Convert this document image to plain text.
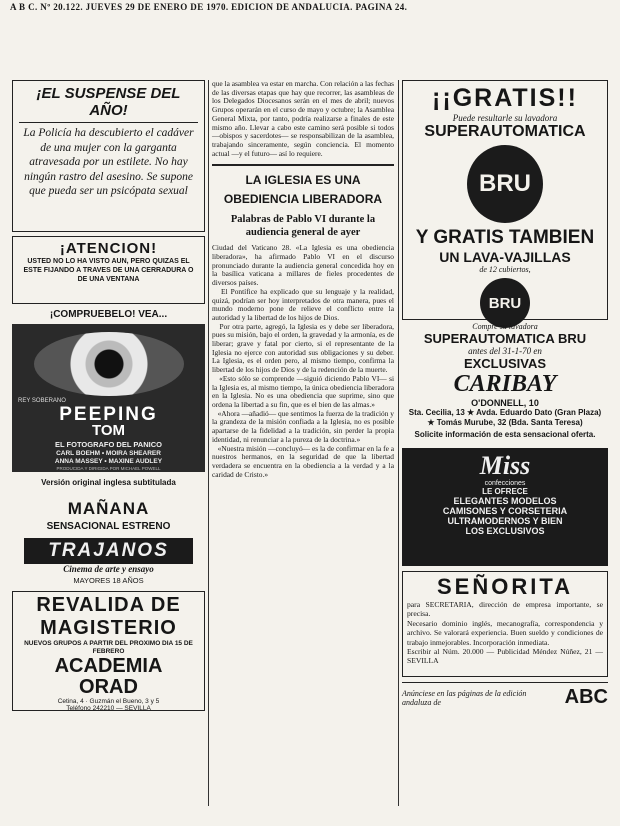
A B C. Nº 20.122. JUEVES 29 DE ENERO DE 1970. EDICION DE ANDALUCIA. PAGINA 24.
¡EL SUSPENSE DEL AÑO!
La Policía ha descubierto el cadáver de una mujer con la garganta atravesada por un estilete. No hay ningún rastro del asesino. Se supone que pueda ser un psicópata sexual
¡ATENCION!
USTED NO LO HA VISTO AUN, PERO QUIZAS EL ESTE FIJANDO A TRAVES DE UNA CERRADURA O DE UNA VENTANA
¡COMPRUEBELO! VEA...
REY SOBERANO
PEEPING
TOM
EL FOTOGRAFO DEL PANICO
CARL BOEHM • MOIRA SHEARER
ANNA MASSEY • MAXINE AUDLEY
PRODUCIDA Y DIRIGIDA POR MICHAEL POWELL
Versión original inglesa subtitulada
MAÑANA
SENSACIONAL ESTRENO
TRAJANOS
Cinema de arte y ensayo
MAYORES 18 AÑOS
REVALIDA DE
MAGISTERIO
NUEVOS GRUPOS A PARTIR DEL PROXIMO DIA 15 DE FEBRERO
ACADEMIA
ORAD
Cetina, 4 · Guzmán el Bueno, 3 y 5
Teléfono 242210 — SEVILLA
que la asamblea va estar en marcha. Con relación a las fechas de las diversas etapas que hay que recorrer, las asambleas de los Delegados Diocesanos serán en el mes de abril; nuevos Grupos operarán en el curso de mayo y octubre; la Asamblea General Mixta, por tanto, podría realizarse a finales de este mismo año. Llevar a cabo este camino será posible si todos —obispos y sacerdotes— se responsabilizan de la asamblea, trabajando sinceramente, según conciencia. El momento actual —y el futuro— así lo requiere.
LA IGLESIA ES UNA OBEDIENCIA LIBERADORA
Palabras de Pablo VI durante la audiencia general de ayer
Ciudad del Vaticano 28. «La Iglesia es una obediencia liberadora», ha afirmado Pablo VI en el discurso pronunciado durante la audiencia general concedida hoy en la basílica vaticana a millares de fieles procedentes de diversos países.
El Pontífice ha explicado que su lenguaje y la realidad, quizá, podrían ser hoy interpretados de otra manera, pues el mundo moderno pone de relieve el conflicto entre la autoridad y la libertad de los hijos de Dios.
Por otra parte, agregó, la Iglesia es y debe ser liberadora, pues su misión, bajo el orden, la gravedad y la armonía, es de liberar; grave y fatal por cierto, si el representante de la Iglesia no ejerce con autoridad sus obligaciones y su deber. La Iglesia, es el orden pero, al mismo tiempo, confirma la libertad de los hijos de Dios y de la redención de la muerte.
«Esto sólo se comprende —siguió diciendo Pablo VI— si la Iglesia es, al mismo tiempo, la única obediencia liberadora en la Iglesia. No es una obediencia que suprime, sino que ordena la libertad a su fin, que es el bien de las almas.»
«Ahora —añadió— que sentimos la fuerza de la tradición y la grandeza de la misión confiada a la Iglesia, no es posible apartarse de la fidelidad a la tradición, sin perder la propia identidad, ni renunciar a la pureza de la doctrina.»
«Nuestra misión —concluyó— es la de confirmar en la fe a nuestros hermanos, en la seguridad de que la libertad verdadera se encuentra en la obediencia a la verdad y a la caridad de Cristo.»
¡¡GRATIS!!
Puede resultarle su lavadora
SUPERAUTOMATICA
BRU
Y GRATIS TAMBIEN
UN LAVA-VAJILLAS
de 12 cubiertos,
BRU
Compre su lavadora
SUPERAUTOMATICA BRU
antes del 31-1-70 en
EXCLUSIVAS
CARIBAY
O'DONNELL, 10
Sta. Cecilia, 13 ★ Avda. Eduardo Dato (Gran Plaza) ★ Tomás Murube, 32 (Bda. Santa Teresa)
Solicite información de esta sensacional oferta.
Miss
confecciones
LE OFRECE
ELEGANTES MODELOS
CAMISONES Y CORSETERIA
ULTRAMODERNOS Y BIEN
LOS EXCLUSIVOS
SEÑORITA
para SECRETARIA, dirección de empresa importante, se precisa.
Necesario dominio inglés, mecanografía, correspondencia y archivo. Se valorará experiencia. Buen sueldo y condiciones de trabajo inmejorables. Incorporación inmediata.
Escribir al Núm. 20.000 — Publicidad Méndez Núñez, 21 — SEVILLA
Anúnciese en las páginas de la edición andaluza de	ABC
